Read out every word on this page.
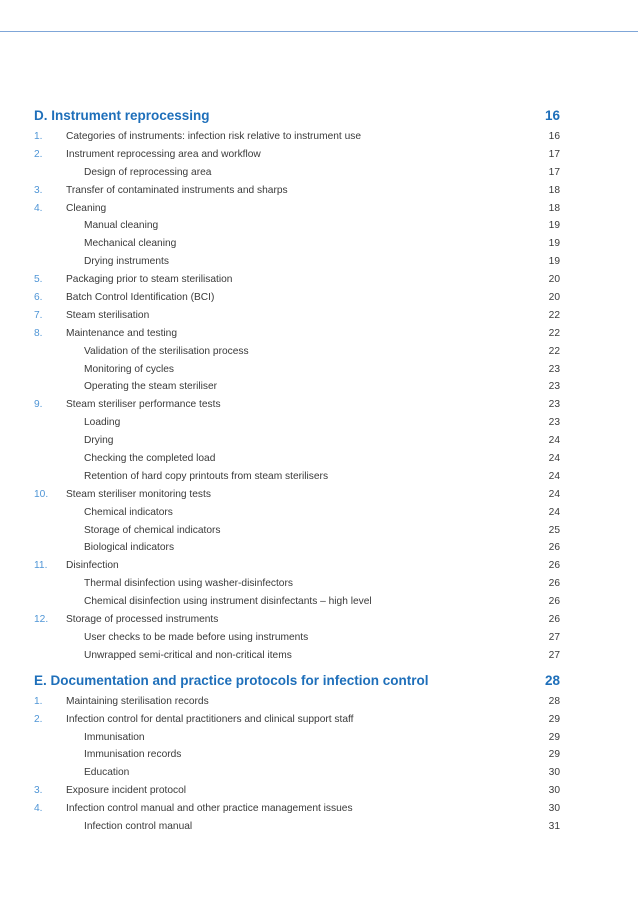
D. Instrument reprocessing	16
1.	Categories of instruments: infection risk relative to instrument use	16
2.	Instrument reprocessing area and workflow	17
Design of reprocessing area	17
3.	Transfer of contaminated instruments and sharps	18
4.	Cleaning	18
Manual cleaning	19
Mechanical cleaning	19
Drying instruments	19
5.	Packaging prior to steam sterilisation	20
6.	Batch Control Identification (BCI)	20
7.	Steam sterilisation	22
8.	Maintenance and testing	22
Validation of the sterilisation process	22
Monitoring of cycles	23
Operating the steam steriliser	23
9.	Steam steriliser performance tests	23
Loading	23
Drying	24
Checking the completed load	24
Retention of hard copy printouts from steam sterilisers	24
10.	Steam steriliser monitoring tests	24
Chemical indicators	24
Storage of chemical indicators	25
Biological indicators	26
11.	Disinfection	26
Thermal disinfection using washer-disinfectors	26
Chemical disinfection using instrument disinfectants – high level	26
12.	Storage of processed instruments	26
User checks to be made before using instruments	27
Unwrapped semi-critical and non-critical items	27
E. Documentation and practice protocols for infection control	28
1.	Maintaining sterilisation records	28
2.	Infection control for dental practitioners and clinical support staff	29
Immunisation	29
Immunisation records	29
Education	30
3.	Exposure incident protocol	30
4.	Infection control manual and other practice management issues	30
Infection control manual	31
